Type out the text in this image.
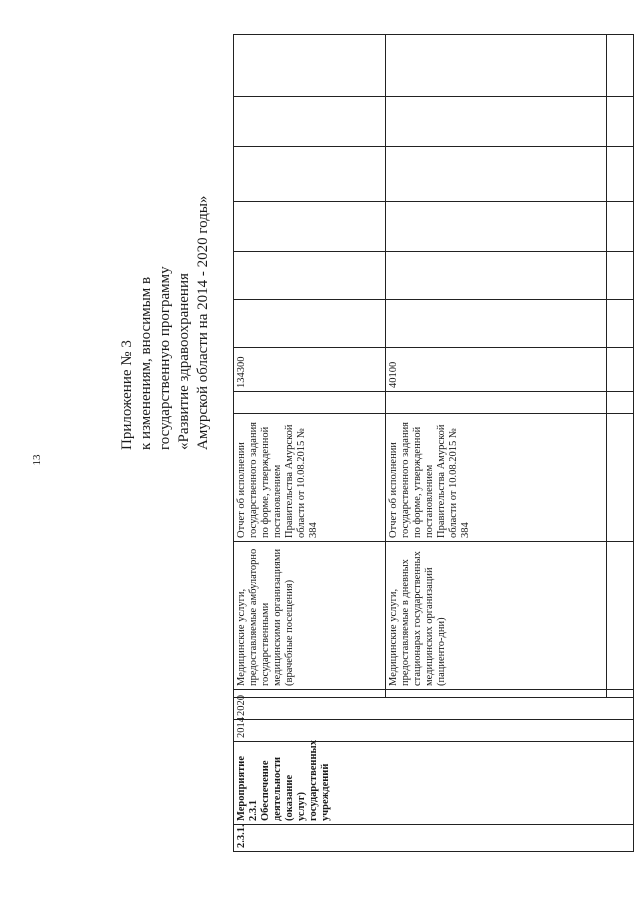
13
Приложение № 3 к изменениям, вносимым в государственную программу «Развитие здравоохранения Амурской области на 2014 - 2020 годы»
2.3.1.	Мероприятие 2.3.1 Обеспечение деятельности (оказание услуг) государственных учреждений	2014	2020		Медицинские услуги, предоставляемые амбулаторно государственными медицинскими организациями (врачебные посещения)	Отчет об исполнении государственного задания по форме, утвержденной постановлением Правительства Амурской области от 10.08.2015 № 384		134300						
					Медицинские услуги, предоставляемые в дневных стационарах государственных медицинских организаций (пациенто-дни)	Отчет об исполнении государственного задания по форме, утвержденной постановлением Правительства Амурской области от 10.08.2015 № 384		40100						
